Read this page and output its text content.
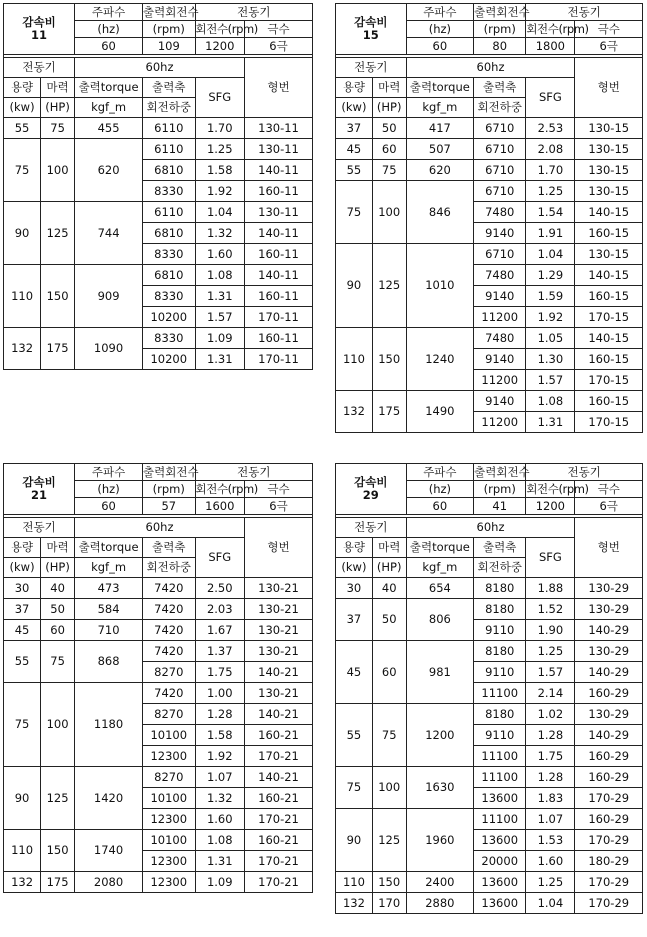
감속비
11		주파수	출력회전수	전동기	
		(hz)	(rpm)	회전수(rpm)	극수
		60	109	1200	6극

전동기		60hz			형번
용량	마력	출력torque	출력축	SFG	
(kw)	(HP)	kgf_m	회전하중		
55	75	455	6110	1.70	130-11
75	100	620	6110	1.25	130-11
			6810	1.58	140-11
			8330	1.92	160-11
90	125	744	6110	1.04	130-11
			6810	1.32	140-11
			8330	1.60	160-11
110	150	909	6810	1.08	140-11
			8330	1.31	160-11
			10200	1.57	170-11
132	175	1090	8330	1.09	160-11
			10200	1.31	170-11
감속비
15		주파수	출력회전수	전동기	
		(hz)	(rpm)	회전수(rpm)	극수
		60	80	1800	6극

전동기		60hz			형번
용량	마력	출력torque	출력축	SFG	
(kw)	(HP)	kgf_m	회전하중		
37	50	417	6710	2.53	130-15
45	60	507	6710	2.08	130-15
55	75	620	6710	1.70	130-15
75	100	846	6710	1.25	130-15
			7480	1.54	140-15
			9140	1.91	160-15
90	125	1010	6710	1.04	130-15
			7480	1.29	140-15
			9140	1.59	160-15
			11200	1.92	170-15
110	150	1240	7480	1.05	140-15
			9140	1.30	160-15
			11200	1.57	170-15
132	175	1490	9140	1.08	160-15
			11200	1.31	170-15
감속비
21		주파수	출력회전수	전동기	
		(hz)	(rpm)	회전수(rpm)	극수
		60	57	1600	6극

전동기		60hz			형번
용량	마력	출력torque	출력축	SFG	
(kw)	(HP)	kgf_m	회전하중		
30	40	473	7420	2.50	130-21
37	50	584	7420	2.03	130-21
45	60	710	7420	1.67	130-21
55	75	868	7420	1.37	130-21
			8270	1.75	140-21
75	100	1180	7420	1.00	130-21
			8270	1.28	140-21
			10100	1.58	160-21
			12300	1.92	170-21
90	125	1420	8270	1.07	140-21
			10100	1.32	160-21
			12300	1.60	170-21
110	150	1740	10100	1.08	160-21
			12300	1.31	170-21
132	175	2080	12300	1.09	170-21
감속비
29		주파수	출력회전수	전동기	
		(hz)	(rpm)	회전수(rpm)	극수
		60	41	1200	6극

전동기		60hz			형번
용량	마력	출력torque	출력축	SFG	
(kw)	(HP)	kgf_m	회전하중		
30	40	654	8180	1.88	130-29
37	50	806	8180	1.52	130-29
			9110	1.90	140-29
45	60	981	8180	1.25	130-29
			9110	1.57	140-29
			11100	2.14	160-29
55	75	1200	8180	1.02	130-29
			9110	1.28	140-29
			11100	1.75	160-29
75	100	1630	11100	1.28	160-29
			13600	1.83	170-29
90	125	1960	11100	1.07	160-29
			13600	1.53	170-29
			20000	1.60	180-29
110	150	2400	13600	1.25	170-29
132	170	2880	13600	1.04	170-29
